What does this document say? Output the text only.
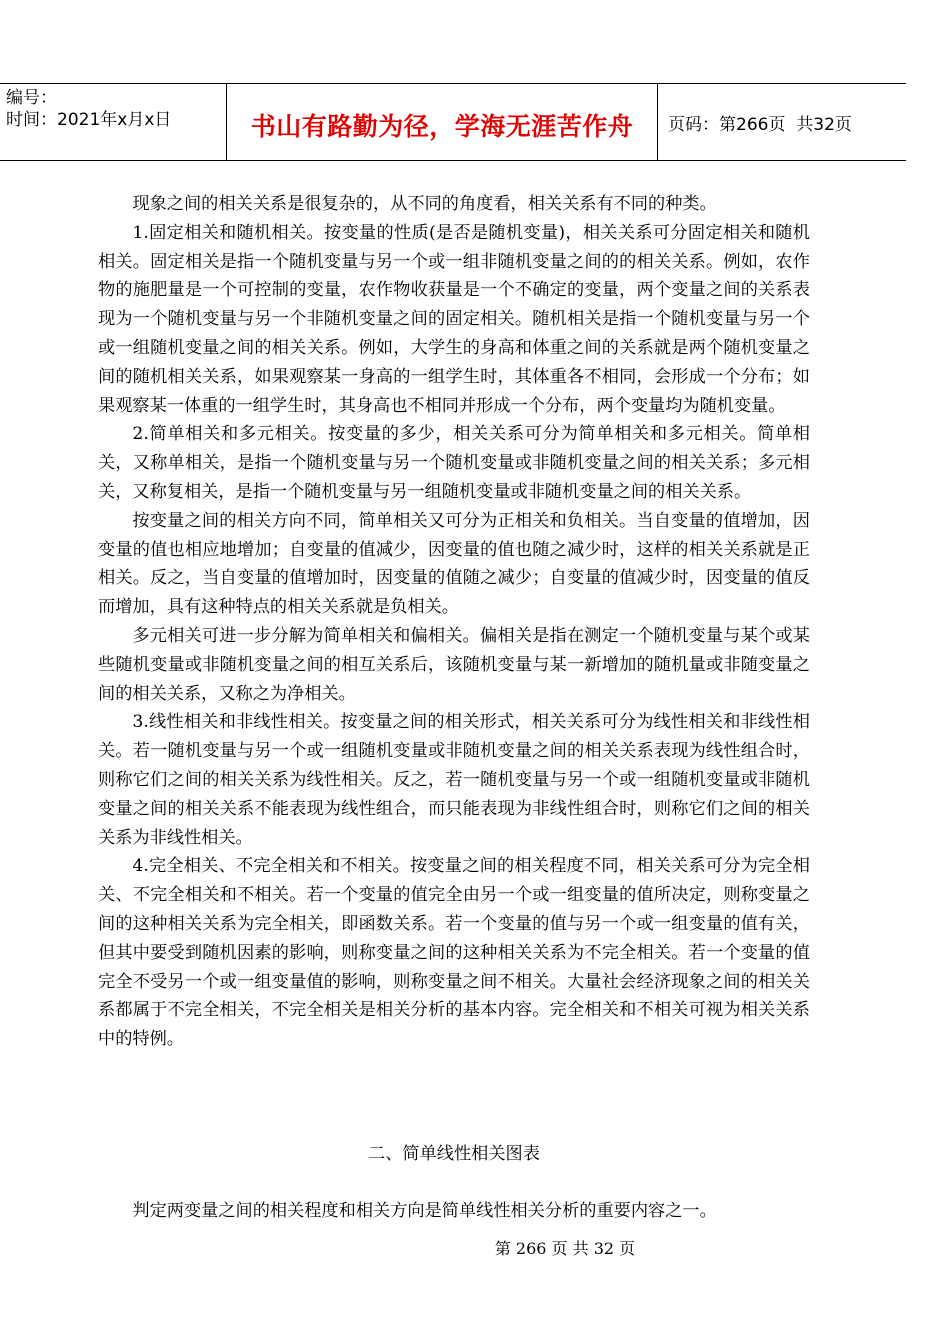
编号：
时间：2021年x月x日	书山有路勤为径，学海无涯苦作舟 页码：第266页  共32页

现象之间的相关关系是很复杂的，从不同的角度看，相关关系有不同的种类。

1.固定相关和随机相关。按变量的性质(是否是随机变量)，相关关系可分固定相关和随机相关。固定相关是指一个随机变量与另一个或一组非随机变量之间的的相关关系。例如，农作物的施肥量是一个可控制的变量，农作物收获量是一个不确定的变量，两个变量之间的关系表现为一个随机变量与另一个非随机变量之间的固定相关。随机相关是指一个随机变量与另一个或一组随机变量之间的相关关系。例如，大学生的身高和体重之间的关系就是两个随机变量之间的随机相关关系，如果观察某一身高的一组学生时，其体重各不相同，会形成一个分布；如果观察某一体重的一组学生时，其身高也不相同并形成一个分布，两个变量均为随机变量。

2.简单相关和多元相关。按变量的多少，相关关系可分为简单相关和多元相关。简单相关，又称单相关，是指一个随机变量与另一个随机变量或非随机变量之间的相关关系；多元相关，又称复相关，是指一个随机变量与另一组随机变量或非随机变量之间的相关关系。

按变量之间的相关方向不同，简单相关又可分为正相关和负相关。当自变量的值增加，因变量的值也相应地增加；自变量的值减少，因变量的值也随之减少时，这样的相关关系就是正相关。反之，当自变量的值增加时，因变量的值随之减少；自变量的值减少时，因变量的值反而增加，具有这种特点的相关关系就是负相关。

多元相关可进一步分解为简单相关和偏相关。偏相关是指在测定一个随机变量与某个或某些随机变量或非随机变量之间的相互关系后，该随机变量与某一新增加的随机量或非随变量之间的相关关系，又称之为净相关。

3.线性相关和非线性相关。按变量之间的相关形式，相关关系可分为线性相关和非线性相关。若一随机变量与另一个或一组随机变量或非随机变量之间的相关关系表现为线性组合时，则称它们之间的相关关系为线性相关。反之，若一随机变量与另一个或一组随机变量或非随机变量之间的相关关系不能表现为线性组合，而只能表现为非线性组合时，则称它们之间的相关关系为非线性相关。

4.完全相关、不完全相关和不相关。按变量之间的相关程度不同，相关关系可分为完全相关、不完全相关和不相关。若一个变量的值完全由另一个或一组变量的值所决定，则称变量之间的这种相关关系为完全相关，即函数关系。若一个变量的值与另一个或一组变量的值有关，但其中要受到随机因素的影响，则称变量之间的这种相关关系为不完全相关。若一个变量的值完全不受另一个或一组变量值的影响，则称变量之间不相关。大量社会经济现象之间的相关关系都属于不完全相关，不完全相关是相关分析的基本内容。完全相关和不相关可视为相关关系中的特例。

二、简单线性相关图表
判定两变量之间的相关程度和相关方向是简单线性相关分析的重要内容之一。
第 266 页 共 32 页
